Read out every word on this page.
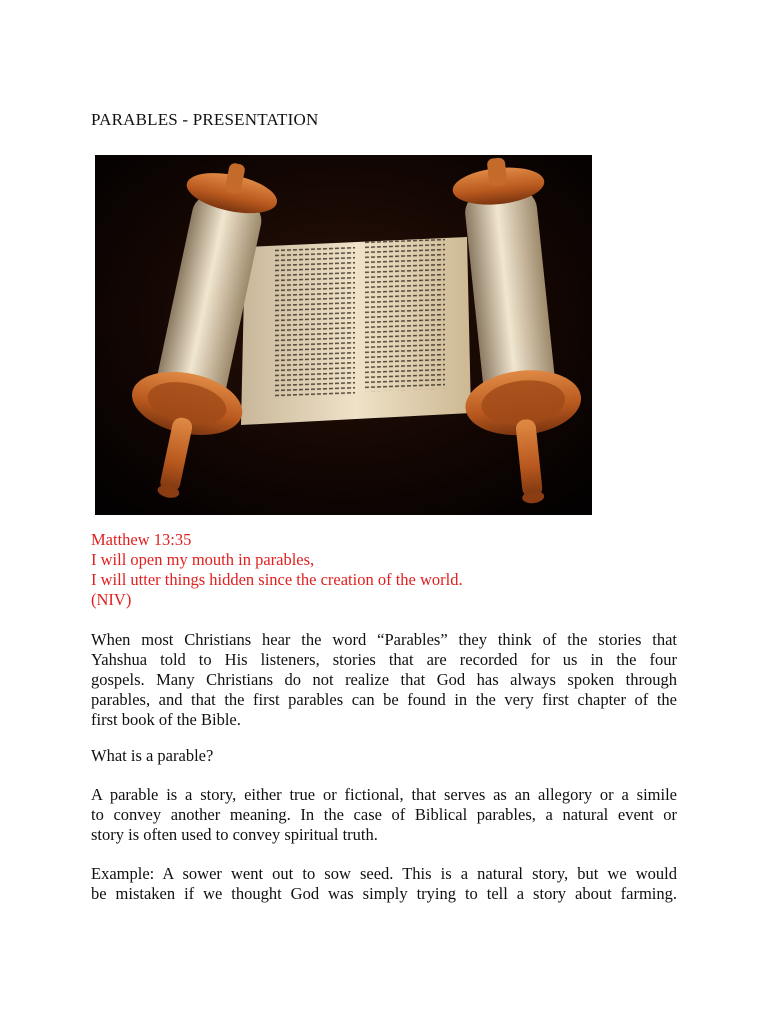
PARABLES - PRESENTATION
Matthew 13:35
I will open my mouth in parables,
I will utter things hidden since the creation of the world.
(NIV)
When most Christians hear the word “Parables” they think of the stories that
Yahshua told to His listeners, stories that are recorded for us in the four
gospels. Many Christians do not realize that God has always spoken through
parables, and that the first parables can be found in the very first chapter of the
first book of the Bible.
What is a parable?
A parable is a story, either true or fictional, that serves as an allegory or a simile
to convey another meaning. In the case of Biblical parables, a natural event or
story is often used to convey spiritual truth.
Example: A sower went out to sow seed. This is a natural story, but we would
be mistaken if we thought God was simply trying to tell a story about farming.
